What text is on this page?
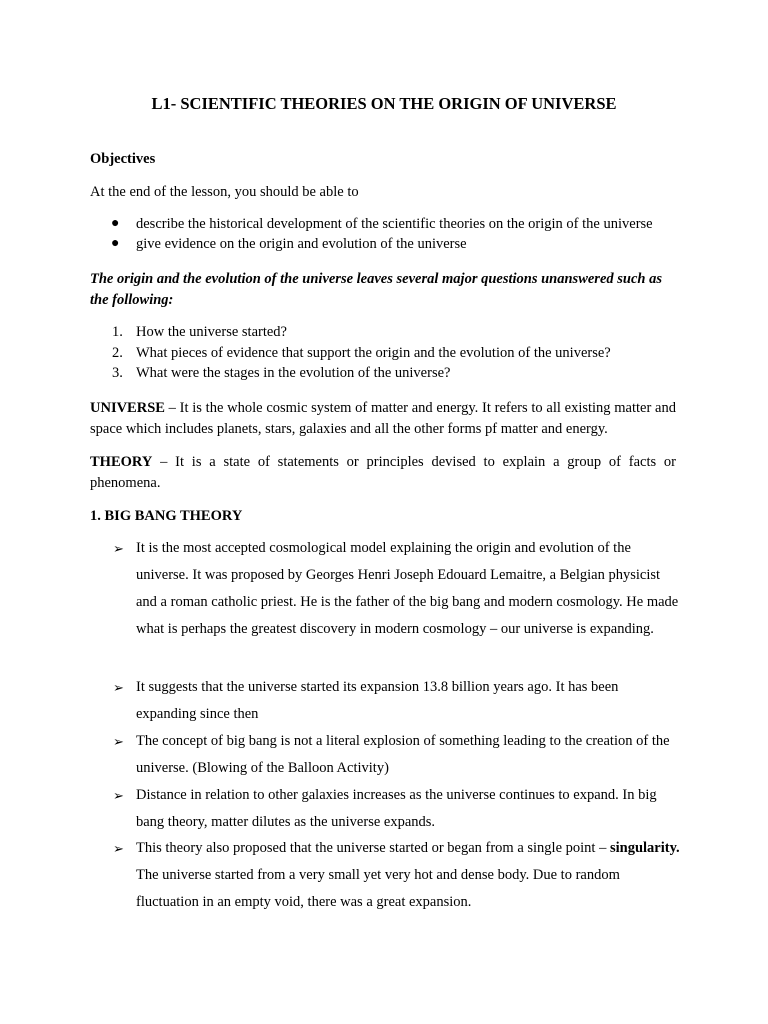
L1- SCIENTIFIC THEORIES ON THE ORIGIN OF UNIVERSE
Objectives
At the end of the lesson, you should be able to
● describe the historical development of the scientific theories on the origin of the universe
● give evidence on the origin and evolution of the universe
The origin and the evolution of the universe leaves several major questions unanswered such as the following:
1. How the universe started?
2. What pieces of evidence that support the origin and the evolution of the universe?
3. What were the stages in the evolution of the universe?
UNIVERSE – It is the whole cosmic system of matter and energy. It refers to all existing matter and space which includes planets, stars, galaxies and all the other forms pf matter and energy.
THEORY – It is a state of statements or principles devised to explain a group of facts or phenomena.
1. BIG BANG THEORY
➢ It is the most accepted cosmological model explaining the origin and evolution of the universe. It was proposed by Georges Henri Joseph Edouard Lemaitre, a Belgian physicist and a roman catholic priest. He is the father of the big bang and modern cosmology. He made what is perhaps the greatest discovery in modern cosmology – our universe is expanding.
➢ It suggests that the universe started its expansion 13.8 billion years ago. It has been expanding since then
➢ The concept of big bang is not a literal explosion of something leading to the creation of the universe. (Blowing of the Balloon Activity)
➢ Distance in relation to other galaxies increases as the universe continues to expand. In big bang theory, matter dilutes as the universe expands.
➢ This theory also proposed that the universe started or began from a single point – singularity. The universe started from a very small yet very hot and dense body. Due to random fluctuation in an empty void, there was a great expansion.
